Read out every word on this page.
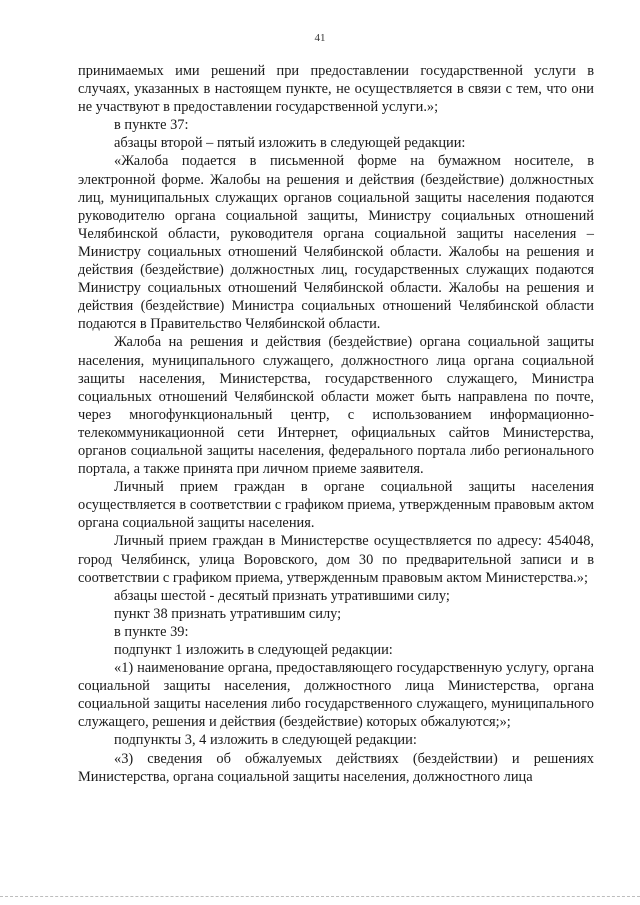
41

принимаемых ими решений при предоставлении государственной услуги в случаях, указанных в настоящем пункте, не осуществляется в связи с тем, что они не участвуют в предоставлении государственной услуги.»;

в пункте 37:

абзацы второй – пятый изложить в следующей редакции:

«Жалоба подается в письменной форме на бумажном носителе, в электронной форме. Жалобы на решения и действия (бездействие) должностных лиц, муниципальных служащих органов социальной защиты населения подаются руководителю органа социальной защиты, Министру социальных отношений Челябинской области, руководителя органа социальной защиты населения – Министру социальных отношений Челябинской области. Жалобы на решения и действия (бездействие) должностных лиц, государственных служащих подаются Министру социальных отношений Челябинской области. Жалобы на решения и действия (бездействие) Министра социальных отношений Челябинской области подаются в Правительство Челябинской области.

Жалоба на решения и действия (бездействие) органа социальной защиты населения, муниципального служащего, должностного лица органа социальной защиты населения, Министерства, государственного служащего, Министра социальных отношений Челябинской области может быть направлена по почте, через многофункциональный центр, с использованием информационно-телекоммуникационной сети Интернет, официальных сайтов Министерства, органов социальной защиты населения, федерального портала либо регионального портала, а также принята при личном приеме заявителя.

Личный прием граждан в органе социальной защиты населения осуществляется в соответствии с графиком приема, утвержденным правовым актом органа социальной защиты населения.

Личный прием граждан в Министерстве осуществляется по адресу: 454048, город Челябинск, улица Воровского, дом 30 по предварительной записи и в соответствии с графиком приема, утвержденным правовым актом Министерства.»;

абзацы шестой - десятый признать утратившими силу;

пункт 38 признать утратившим силу;

в пункте 39:

подпункт 1 изложить в следующей редакции:

«1) наименование органа, предоставляющего государственную услугу, органа социальной защиты населения, должностного лица Министерства, органа социальной защиты населения либо государственного служащего, муниципального служащего, решения и действия (бездействие) которых обжалуются;»;

подпункты 3, 4 изложить в следующей редакции:

«3) сведения об обжалуемых действиях (бездействии) и решениях Министерства, органа социальной защиты населения, должностного лица
